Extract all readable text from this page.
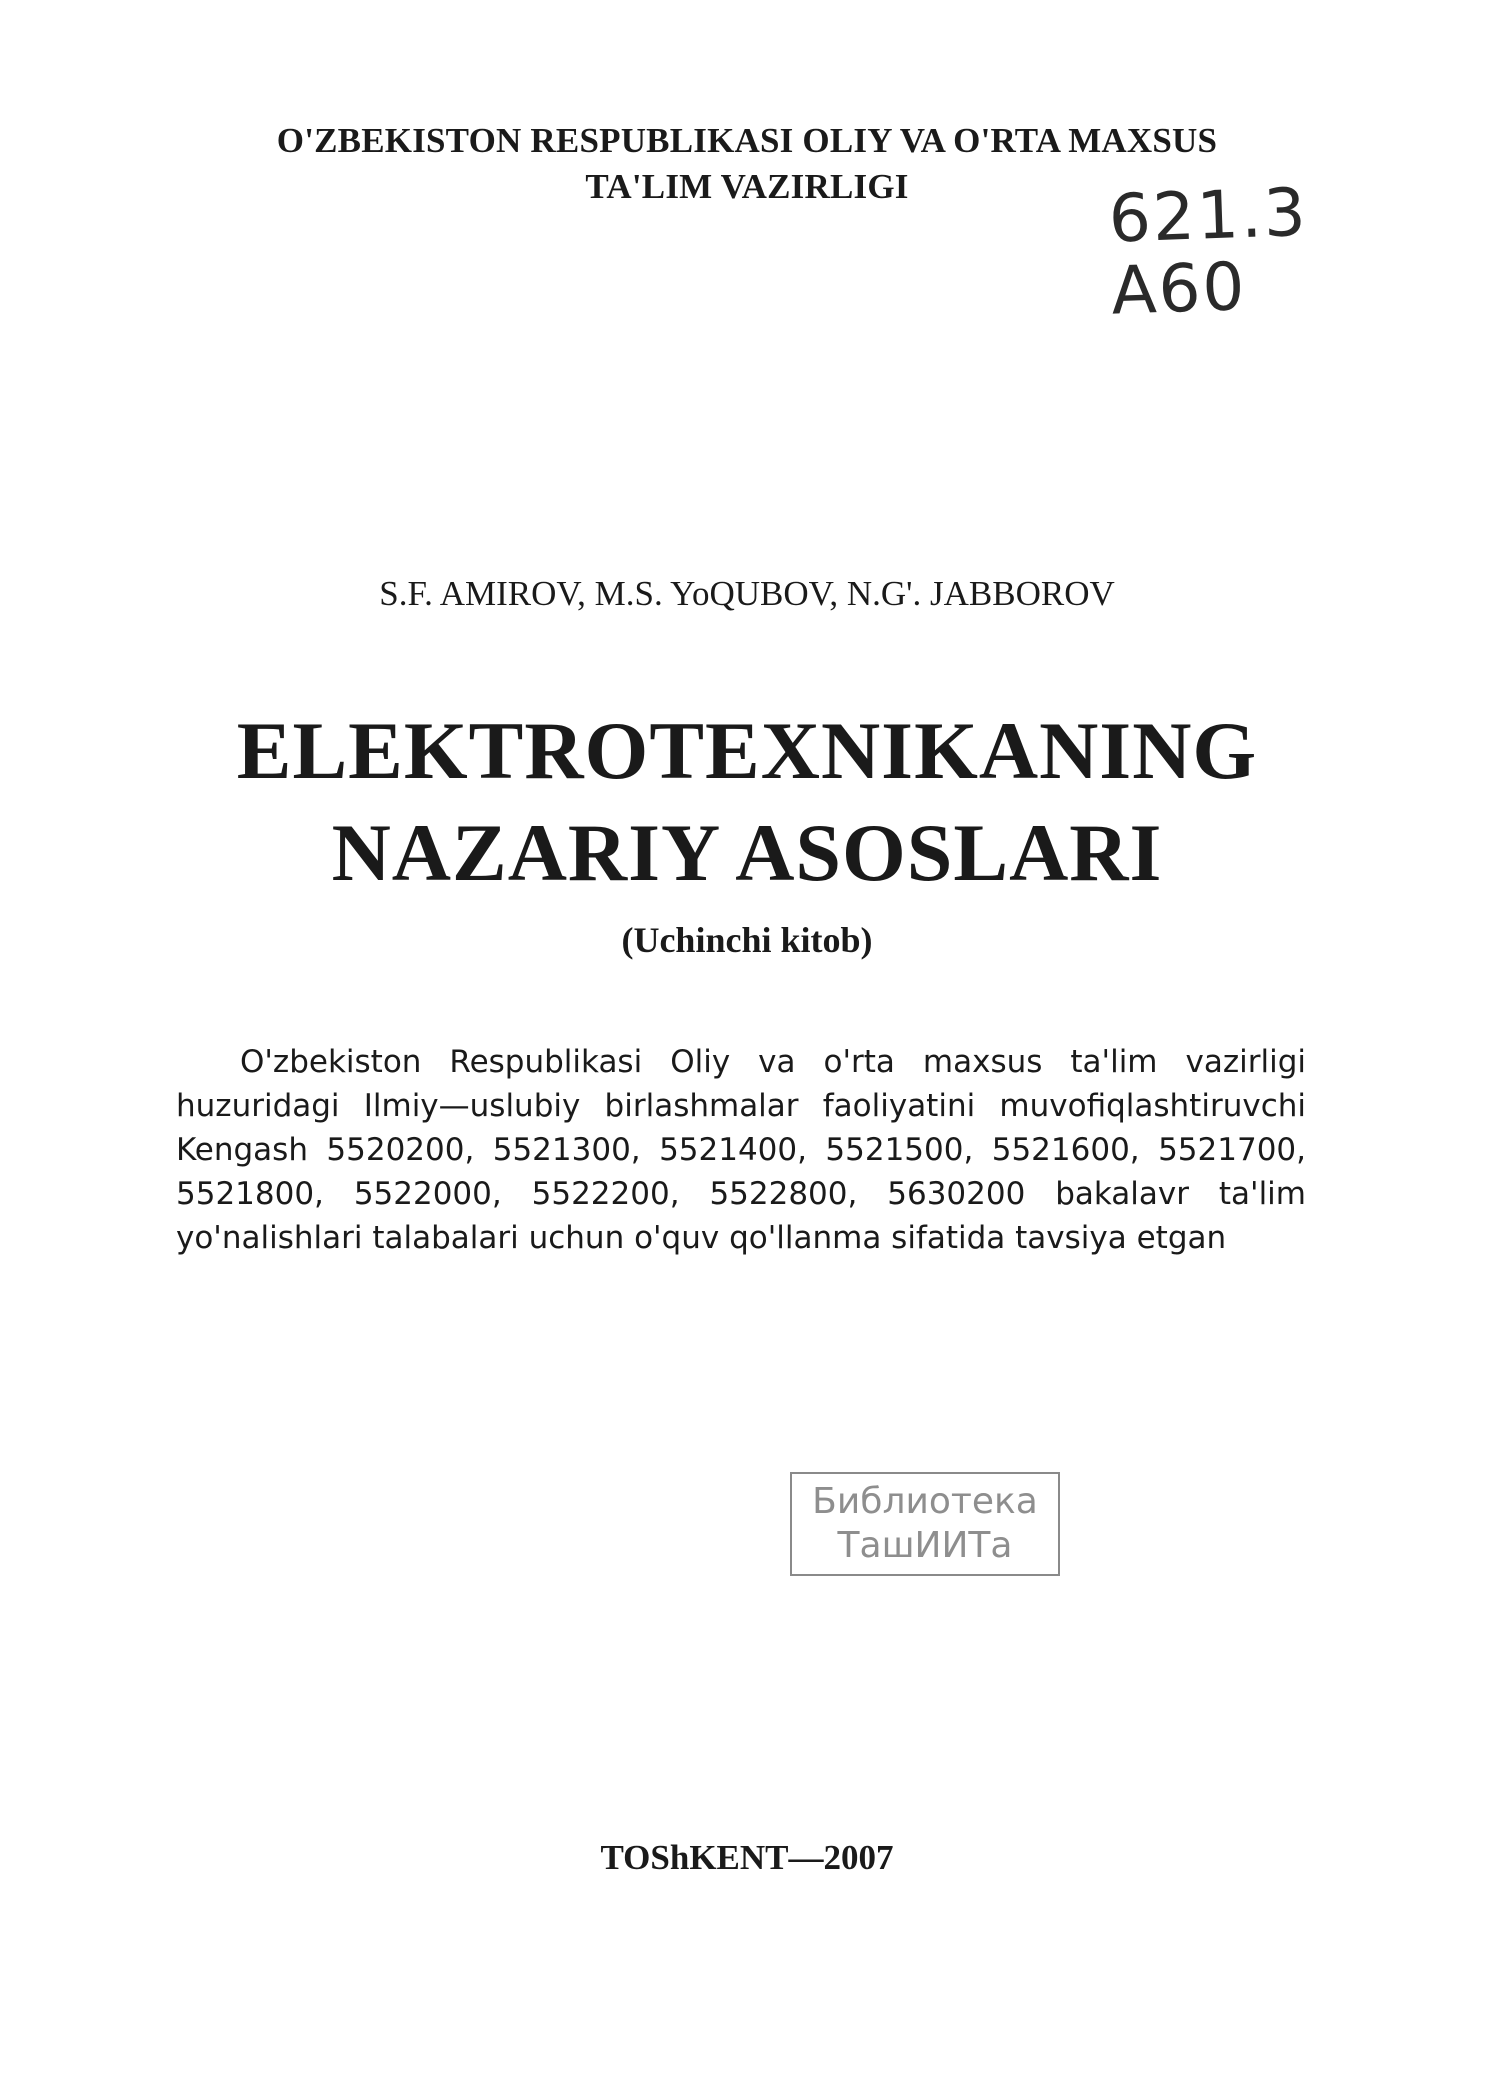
O'ZBEKISTON RESPUBLIKASI OLIY VA O'RTA MAXSUS
TA'LIM VAZIRLIGI	621.3
A60
S.F. AMIROV, M.S. YoQUBOV, N.G'. JABBOROV
ELEKTROTEXNIKANING
NAZARIY ASOSLARI
(Uchinchi kitob)
O'zbekiston Respublikasi Oliy va o'rta maxsus ta'lim vazirligi huzuridagi Ilmiy—uslubiy birlashmalar faoliyatini muvofiqlashtiruvchi Kengash 5520200, 5521300, 5521400, 5521500, 5521600, 5521700, 5521800, 5522000, 5522200, 5522800, 5630200 bakalavr ta'lim yo'nalishlari talabalari uchun o'quv qo'llanma sifatida tavsiya etgan
Библиотека
ТашИИТа
TOShKENT—2007
